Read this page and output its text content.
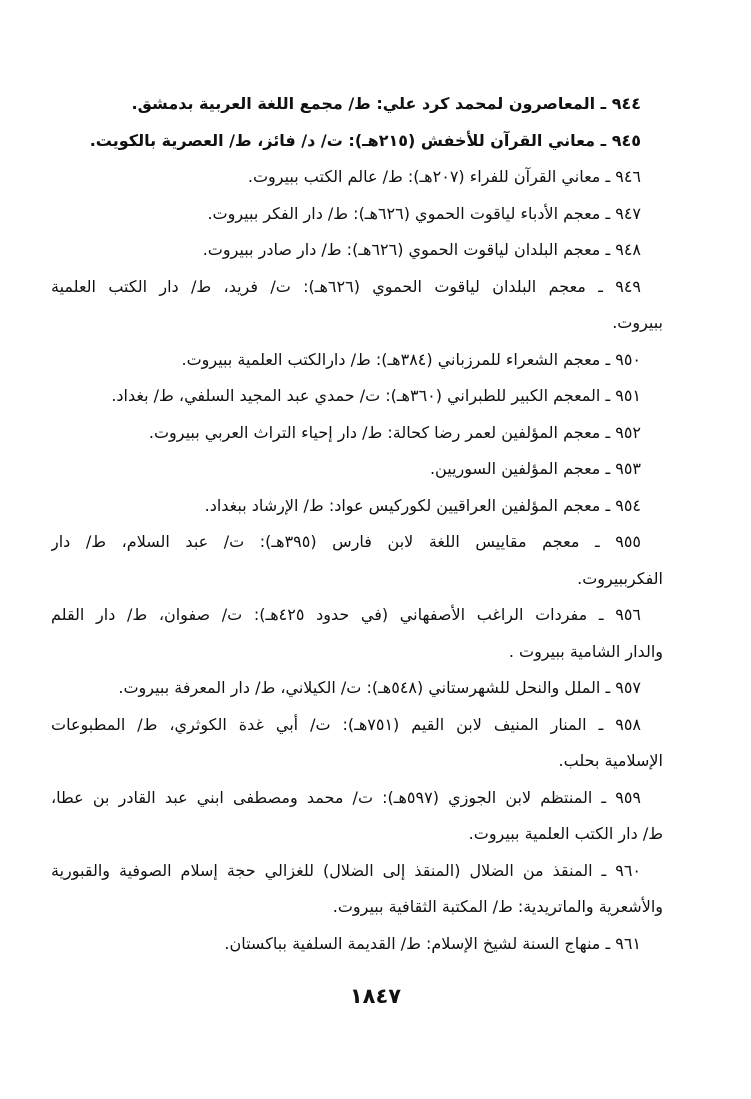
٩٤٤ ـ المعاصرون لمحمد كرد علي: ط/ مجمع اللغة العربية بدمشق.
٩٤٥ ـ معاني القرآن للأخفش (٢١٥هـ): ت/ د/ فائز، ط/ العصرية بالكويت.
٩٤٦ ـ معاني القرآن للفراء (٢٠٧هـ): ط/ عالم الكتب ببيروت.
٩٤٧ ـ معجم الأدباء لياقوت الحموي (٦٢٦هـ): ط/ دار الفكر ببيروت.
٩٤٨ ـ معجم البلدان لياقوت الحموي (٦٢٦هـ): ط/ دار صادر ببيروت.
٩٤٩ ـ معجم البلدان لياقوت الحموي (٦٢٦هـ): ت/ فريد، ط/ دار الكتب العلمية
ببيروت.
٩٥٠ ـ معجم الشعراء للمرزباني (٣٨٤هـ): ط/ دارالكتب العلمية ببيروت.
٩٥١ ـ المعجم الكبير للطبراني (٣٦٠هـ): ت/ حمدي عبد المجيد السلفي، ط/ بغداد.
٩٥٢ ـ معجم المؤلفين لعمر رضا كحالة: ط/ دار إحياء التراث العربي ببيروت.
٩٥٣ ـ معجم المؤلفين السوريين.
٩٥٤ ـ معجم المؤلفين العراقيين لكوركيس عواد: ط/ الإرشاد ببغداد.
٩٥٥ ـ معجم مقاييس اللغة لابن فارس (٣٩٥هـ): ت/ عبد السلام، ط/ دار
الفكرببيروت.
٩٥٦ ـ مفردات الراغب الأصفهاني (في حدود ٤٢٥هـ): ت/ صفوان، ط/ دار القلم
والدار الشامية ببيروت .
٩٥٧ ـ الملل والنحل للشهرستاني (٥٤٨هـ): ت/ الكيلاني، ط/ دار المعرفة ببيروت.
٩٥٨ ـ المنار المنيف لابن القيم (٧٥١هـ): ت/ أبي غدة الكوثري، ط/ المطبوعات
الإسلامية بحلب.
٩٥٩ ـ المنتظم لابن الجوزي (٥٩٧هـ): ت/ محمد ومصطفى ابني عبد القادر بن عطا،
ط/ دار الكتب العلمية ببيروت.
٩٦٠ ـ المنقذ من الضلال (المنقذ إلى الضلال) للغزالي حجة إسلام الصوفية والقبورية
والأشعرية والماتريدية: ط/ المكتبة الثقافية ببيروت.
٩٦١ ـ منهاج السنة لشيخ الإسلام: ط/ القديمة السلفية بباكستان.
١٨٤٧
